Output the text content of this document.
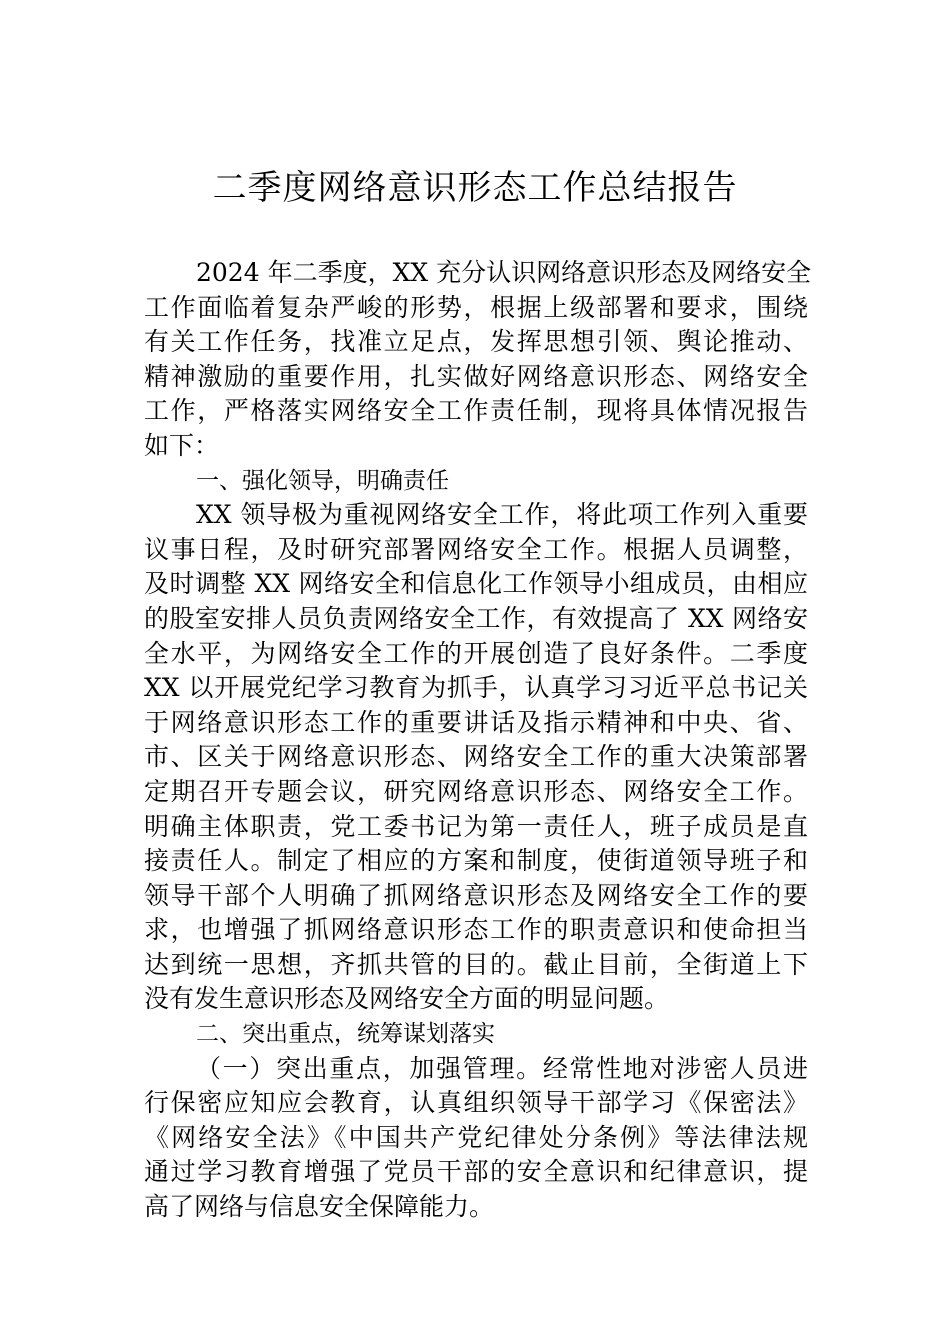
二季度网络意识形态工作总结报告
2024 年二季度，XX 充分认识网络意识形态及网络安全
工作面临着复杂严峻的形势，根据上级部署和要求，围绕
有关工作任务，找准立足点，发挥思想引领、舆论推动、
精神激励的重要作用，扎实做好网络意识形态、网络安全
工作，严格落实网络安全工作责任制，现将具体情况报告
如下：
一、强化领导，明确责任
XX 领导极为重视网络安全工作，将此项工作列入重要
议事日程，及时研究部署网络安全工作。根据人员调整，
及时调整 XX 网络安全和信息化工作领导小组成员，由相应
的股室安排人员负责网络安全工作，有效提高了 XX 网络安
全水平，为网络安全工作的开展创造了良好条件。二季度
XX 以开展党纪学习教育为抓手，认真学习习近平总书记关
于网络意识形态工作的重要讲话及指示精神和中央、省、
市、区关于网络意识形态、网络安全工作的重大决策部署
定期召开专题会议，研究网络意识形态、网络安全工作。
明确主体职责，党工委书记为第一责任人，班子成员是直
接责任人。制定了相应的方案和制度，使街道领导班子和
领导干部个人明确了抓网络意识形态及网络安全工作的要
求，也增强了抓网络意识形态工作的职责意识和使命担当
达到统一思想，齐抓共管的目的。截止目前，全街道上下
没有发生意识形态及网络安全方面的明显问题。
二、突出重点，统筹谋划落实
（一）突出重点，加强管理。经常性地对涉密人员进
行保密应知应会教育，认真组织领导干部学习《保密法》
《网络安全法》《中国共产党纪律处分条例》等法律法规
通过学习教育增强了党员干部的安全意识和纪律意识，提
高了网络与信息安全保障能力。
